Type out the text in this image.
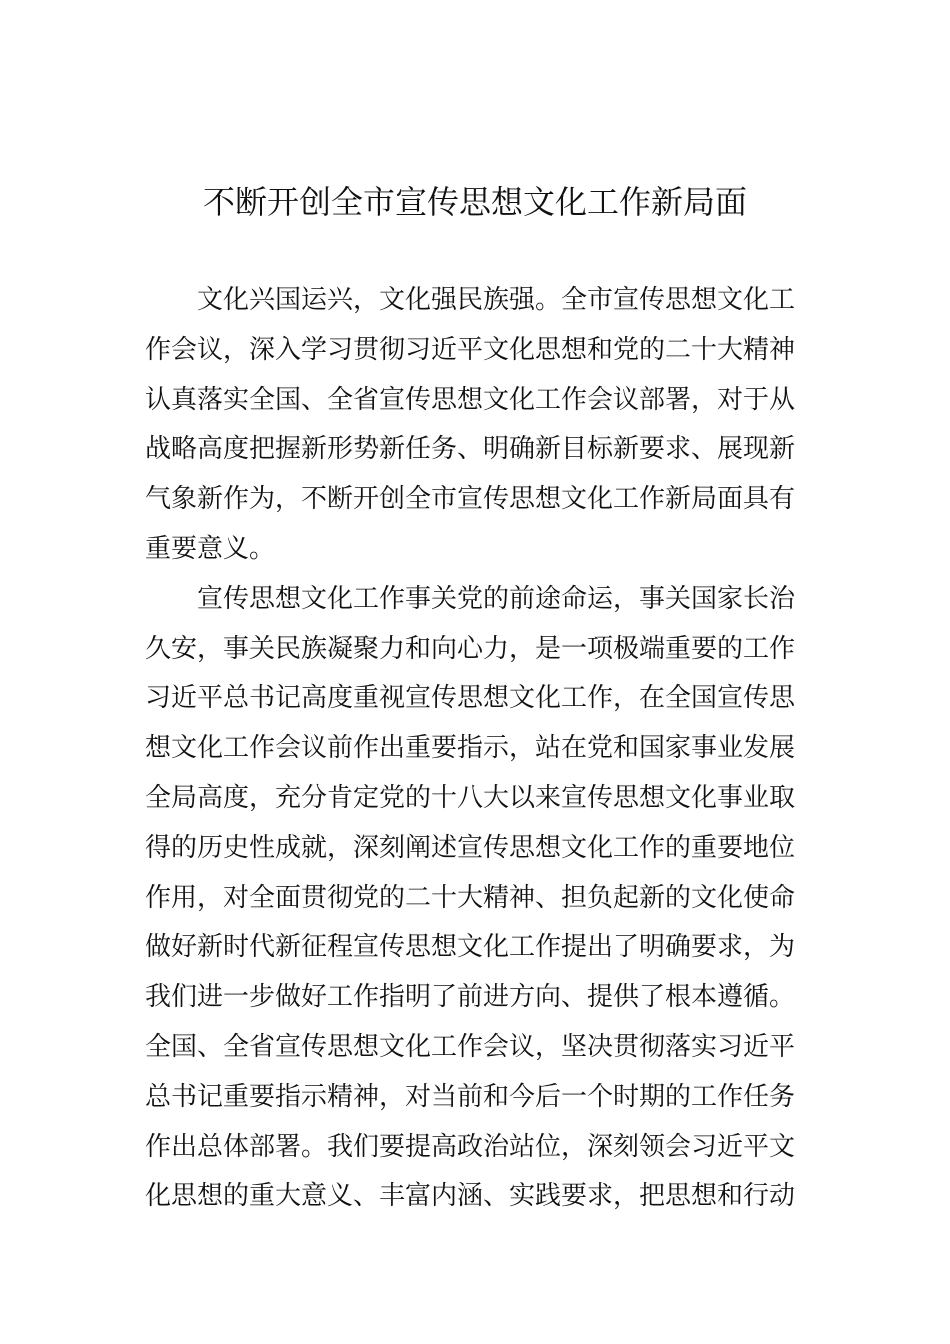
不断开创全市宣传思想文化工作新局面
文化兴国运兴，文化强民族强。全市宣传思想文化工
作会议，深入学习贯彻习近平文化思想和党的二十大精神
认真落实全国、全省宣传思想文化工作会议部署，对于从
战略高度把握新形势新任务、明确新目标新要求、展现新
气象新作为，不断开创全市宣传思想文化工作新局面具有
重要意义。
宣传思想文化工作事关党的前途命运，事关国家长治
久安，事关民族凝聚力和向心力，是一项极端重要的工作
习近平总书记高度重视宣传思想文化工作，在全国宣传思
想文化工作会议前作出重要指示，站在党和国家事业发展
全局高度，充分肯定党的十八大以来宣传思想文化事业取
得的历史性成就，深刻阐述宣传思想文化工作的重要地位
作用，对全面贯彻党的二十大精神、担负起新的文化使命
做好新时代新征程宣传思想文化工作提出了明确要求，为
我们进一步做好工作指明了前进方向、提供了根本遵循。
全国、全省宣传思想文化工作会议，坚决贯彻落实习近平
总书记重要指示精神，对当前和今后一个时期的工作任务
作出总体部署。我们要提高政治站位，深刻领会习近平文
化思想的重大意义、丰富内涵、实践要求，把思想和行动
